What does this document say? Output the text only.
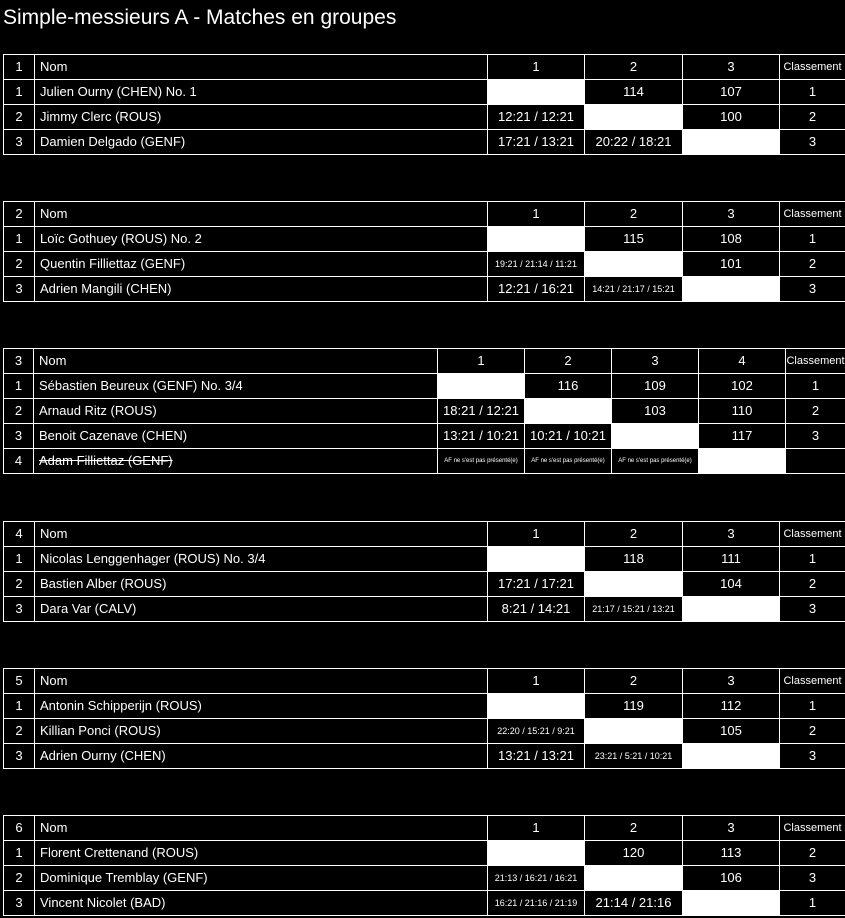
Simple-messieurs A - Matches en groupes
1	Nom	1	2	3	Classement
1	Julien Ourny (CHEN) No. 1		114	107	1
2	Jimmy Clerc (ROUS)	12:21 / 12:21		100	2
3	Damien Delgado (GENF)	17:21 / 13:21	20:22 / 18:21		3
2	Nom	1	2	3	Classement
1	Loïc Gothuey (ROUS) No. 2		115	108	1
2	Quentin Filliettaz (GENF)	19:21 / 21:14 / 11:21		101	2
3	Adrien Mangili (CHEN)	12:21 / 16:21	14:21 / 21:17 / 15:21		3
3	Nom	1	2	3	4	Classement
1	Sébastien Beureux (GENF) No. 3/4		116	109	102	1
2	Arnaud Ritz (ROUS)	18:21 / 12:21		103	110	2
3	Benoit Cazenave (CHEN)	13:21 / 10:21	10:21 / 10:21		117	3
4	Adam Filliettaz (GENF)	AF ne s'est pas présenté(e)	AF ne s'est pas présenté(e)	AF ne s'est pas présenté(e)		
4	Nom	1	2	3	Classement
1	Nicolas Lenggenhager (ROUS) No. 3/4		118	111	1
2	Bastien Alber (ROUS)	17:21 / 17:21		104	2
3	Dara Var (CALV)	8:21 / 14:21	21:17 / 15:21 / 13:21		3
5	Nom	1	2	3	Classement
1	Antonin Schipperijn (ROUS)		119	112	1
2	Killian Ponci (ROUS)	22:20 / 15:21 / 9:21		105	2
3	Adrien Ourny (CHEN)	13:21 / 13:21	23:21 / 5:21 / 10:21		3
6	Nom	1	2	3	Classement
1	Florent Crettenand (ROUS)		120	113	2
2	Dominique Tremblay (GENF)	21:13 / 16:21 / 16:21		106	3
3	Vincent Nicolet (BAD)	16:21 / 21:16 / 21:19	21:14 / 21:16		1
